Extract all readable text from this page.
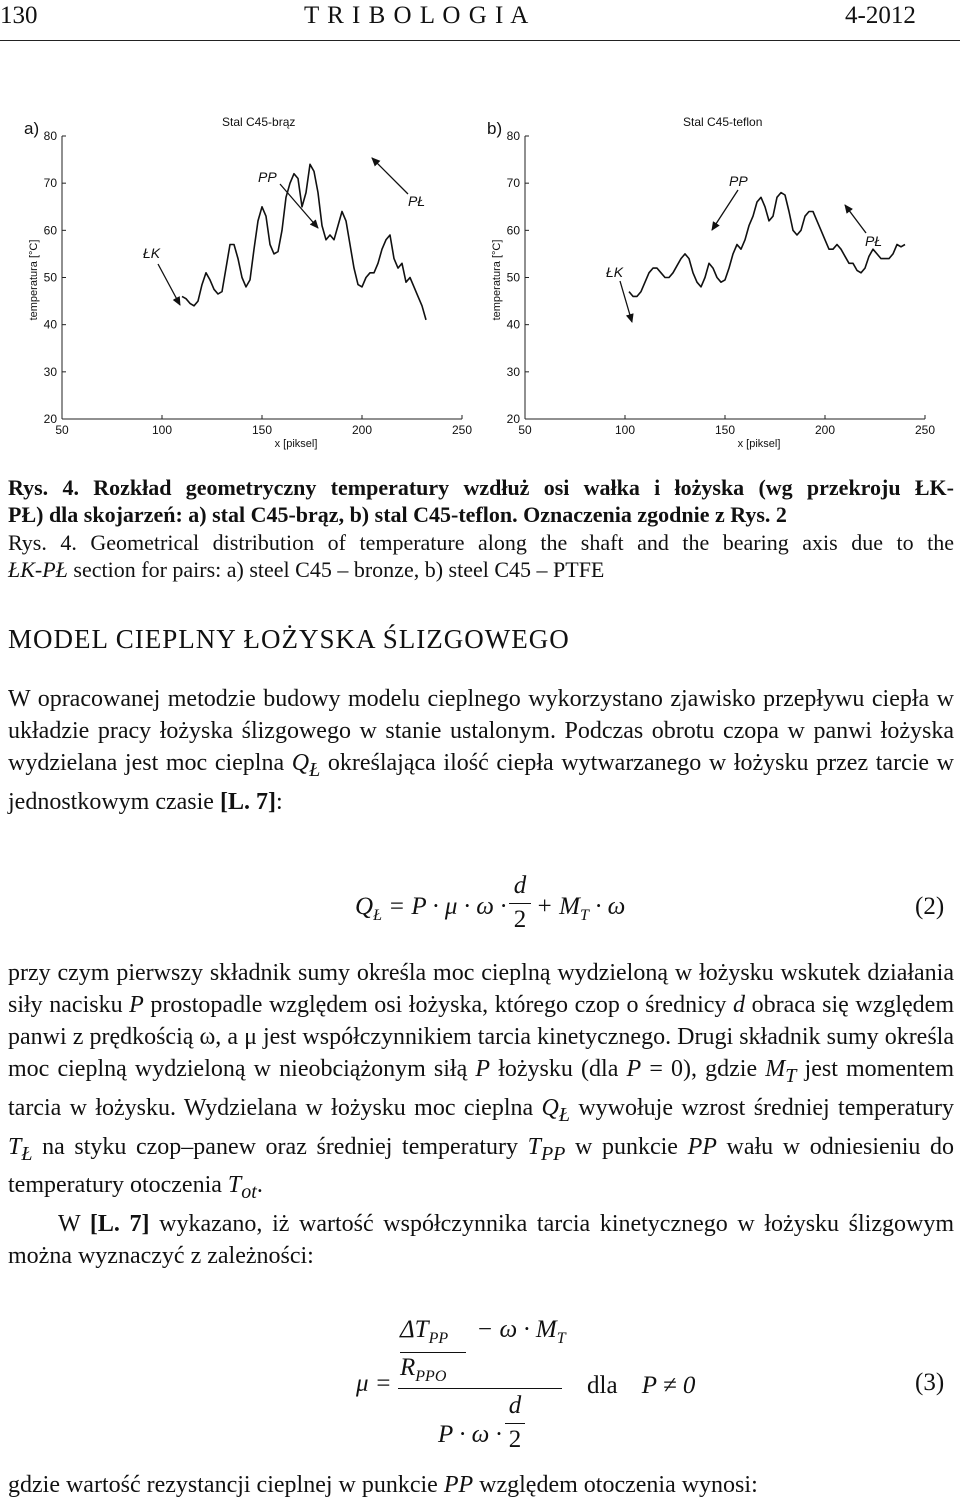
130	T R I B O L O G I A	4-2012
a)	Stal C45-brąz
20
30
40
50
60
70
80
50	100	150	200	250
temperatura [°C]
x [piksel]
PP
PŁ
ŁK
b)	Stal C45-teflon
20
30
40
50
60
70
80
50	100	150	200	250
temperatura [°C]
x [piksel]
PP
PŁ
ŁK
Rys. 4. Rozkład geometryczny temperatury wzdłuż osi wałka i łożyska (wg przekroju ŁK-
PŁ) dla skojarzeń: a) stal C45-brąz, b) stal C45-teflon. Oznaczenia zgodnie z Rys. 2
Rys. 4. Geometrical distribution of temperature along the shaft and the bearing axis due to the
ŁK-PŁ section for pairs: a) steel C45 – bronze, b) steel C45 – PTFE
MODEL CIEPLNY ŁOŻYSKA ŚLIZGOWEGO

W opracowanej metodzie budowy modelu cieplnego wykorzystano zjawisko przepływu ciepła w układzie pracy łożyska ślizgowego w stanie ustalonym. Podczas obrotu czopa w panwi łożyska wydzielana jest moc cieplna $Q_Ł$ określająca ilość ciepła wytwarzanego w łożysku przez tarcie w jednostkowym czasie [L. 7]:

$Q_Ł = P \cdot \mu \cdot \omega$ ·
d
$2 + M_T \cdot \omega$	(2)

przy czym pierwszy składnik sumy określa moc cieplną wydzieloną w łożysku wskutek działania siły nacisku P prostopadle względem osi łożyska, którego czop o średnicy d obraca się względem panwi z prędkością ω, a μ jest współczynnikiem tarcia kinetycznego. Drugi składnik sumy określa moc cieplną wydzieloną w nieobciążonym siłą P łożysku (dla P = 0), gdzie $M_T$ jest momentem tarcia w łożysku. Wydzielana w łożysku moc cieplna $Q_Ł$ wywołuje wzrost średniej temperatury $T_Ł$ na styku czop–panew oraz średniej temperatury $T_{PP}$ w punkcie PP wału w odniesieniu do temperatury otoczenia $T_{ot}$.

W [L. 7] wykazano, iż wartość współczynnika tarcia kinetycznego w łożysku ślizgowym można wyznaczyć z zależności:

μ =
$\Delta T_{PP} - \omega \cdot M_T$
$R_{PPO}$
P · ω ·
d
2
dla P ≠ 0	(3)
gdzie wartość rezystancji cieplnej w punkcie PP względem otoczenia wynosi:
